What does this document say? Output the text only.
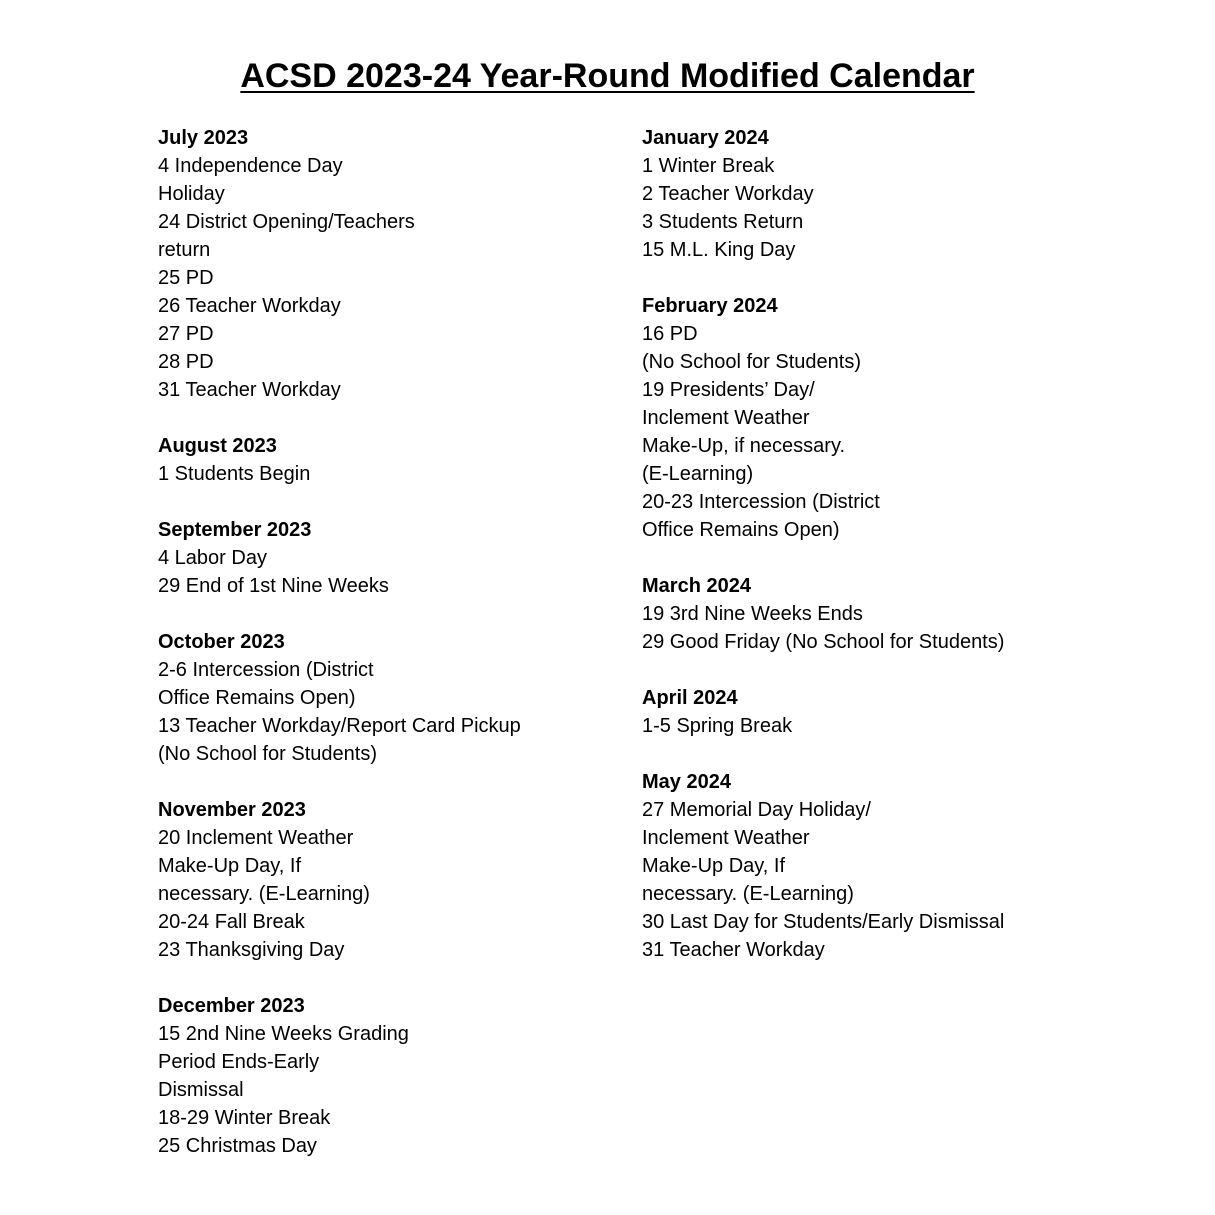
ACSD 2023-24 Year-Round Modified Calendar

July 2023

4 Independence Day

Holiday

24 District Opening/Teachers

return

25 PD

26 Teacher Workday

27 PD

28 PD

31 Teacher Workday

August 2023

1 Students Begin

September 2023

4 Labor Day

29 End of 1st Nine Weeks

October 2023

2-6 Intercession (District

Office Remains Open)

13 Teacher Workday/Report Card Pickup

(No School for Students)

November 2023

20 Inclement Weather

Make-Up Day, If

necessary. (E-Learning)

20-24 Fall Break

23 Thanksgiving Day

December 2023

15 2nd Nine Weeks Grading

Period Ends-Early

Dismissal

18-29 Winter Break

25 Christmas Day

January 2024

1 Winter Break

2 Teacher Workday

3 Students Return

15 M.L. King Day

February 2024

16 PD

(No School for Students)

19 Presidents’ Day/

Inclement Weather

Make-Up, if necessary.

(E-Learning)

20-23 Intercession (District

Office Remains Open)

March 2024

19 3rd Nine Weeks Ends

29 Good Friday (No School for Students)

April 2024

1-5 Spring Break

May 2024

27 Memorial Day Holiday/

Inclement Weather

Make-Up Day, If

necessary. (E-Learning)

30 Last Day for Students/Early Dismissal

31 Teacher Workday
